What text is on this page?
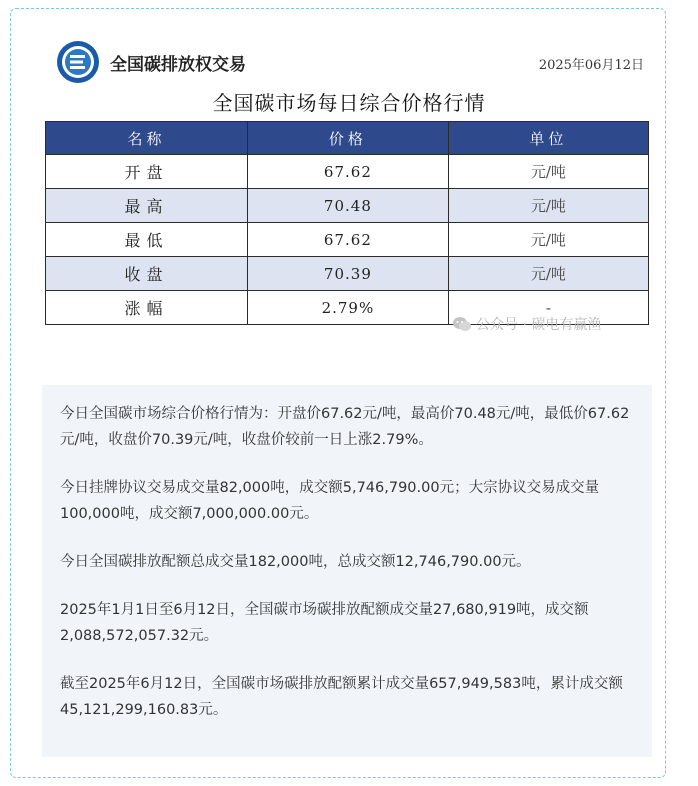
全国碳排放权交易	2025年06月12日
全国碳市场每日综合价格行情
名称	价格	单位
开盘	67.62	元/吨
最高	70.48	元/吨
最低	67.62	元/吨
收盘	70.39	元/吨
涨幅	2.79%	-
公众号 · 碳电有赢渔

今日全国碳市场综合价格行情为：开盘价67.62元/吨，最高价70.48元/吨，最低价67.62元/吨，收盘价70.39元/吨，收盘价较前一日上涨2.79%。

今日挂牌协议交易成交量82,000吨，成交额5,746,790.00元；大宗协议交易成交量100,000吨，成交额7,000,000.00元。

今日全国碳排放配额总成交量182,000吨，总成交额12,746,790.00元。

2025年1月1日至6月12日，全国碳市场碳排放配额成交量27,680,919吨，成交额2,088,572,057.32元。

截至2025年6月12日，全国碳市场碳排放配额累计成交量657,949,583吨，累计成交额45,121,299,160.83元。
